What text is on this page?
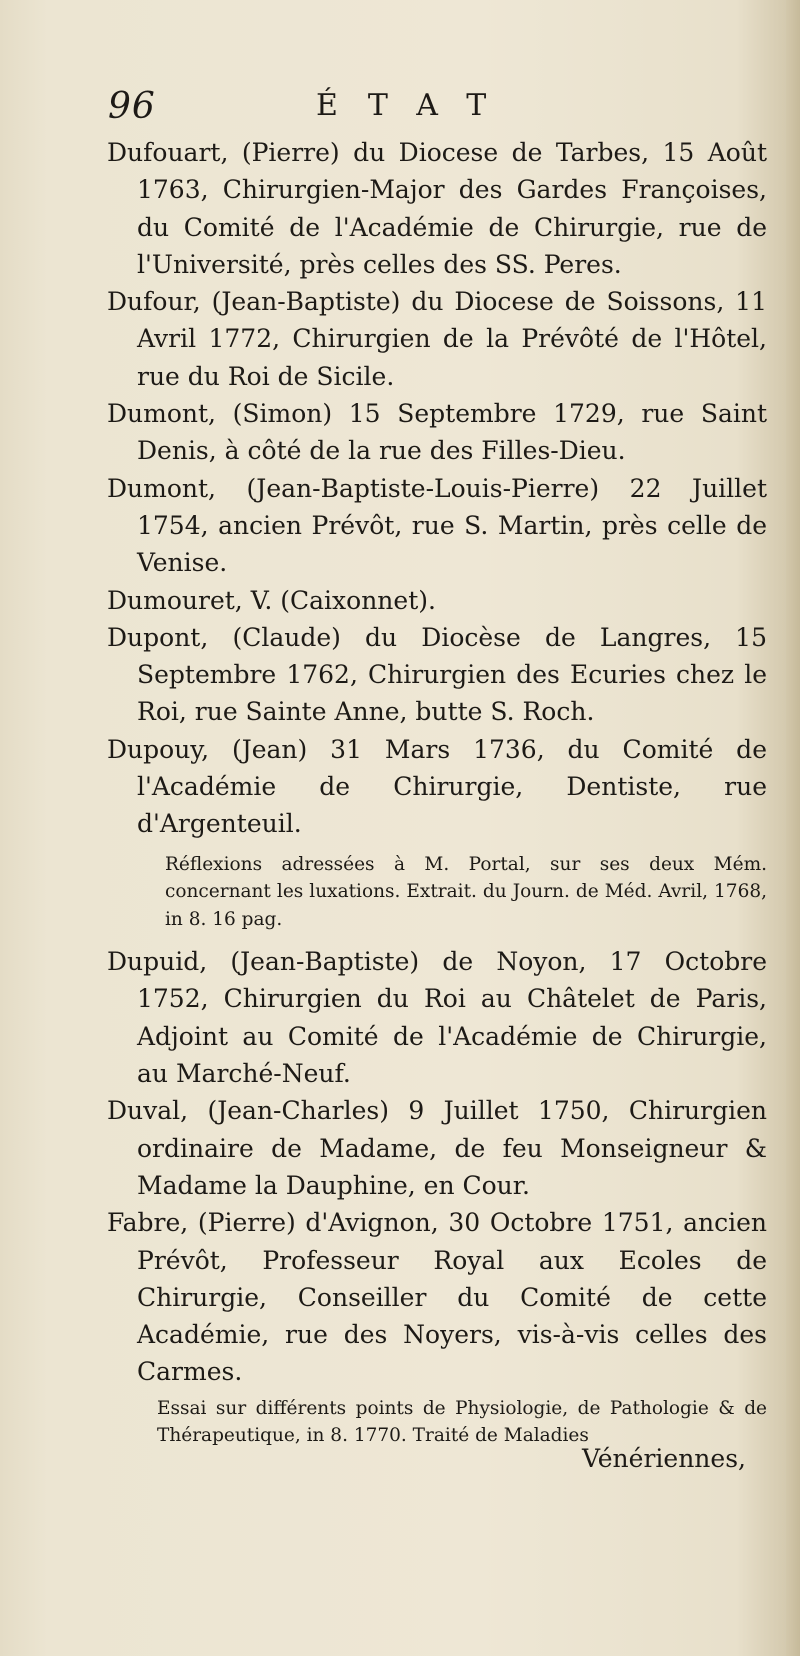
96	ÉTAT

Dufouart, (Pierre) du Diocese de Tarbes, 15 Août 1763, Chirurgien-Major des Gardes Françoises, du Comité de l'Académie de Chirurgie, rue de l'Université, près celles des SS. Peres.

Dufour, (Jean-Baptiste) du Diocese de Soissons, 11 Avril 1772, Chirurgien de la Prévôté de l'Hôtel, rue du Roi de Sicile.

Dumont, (Simon) 15 Septembre 1729, rue Saint Denis, à côté de la rue des Filles-Dieu.

Dumont, (Jean-Baptiste-Louis-Pierre) 22 Juillet 1754, ancien Prévôt, rue S. Martin, près celle de Venise.

Dumouret, V. (Caixonnet).

Dupont, (Claude) du Diocèse de Langres, 15 Septembre 1762, Chirurgien des Ecuries chez le Roi, rue Sainte Anne, butte S. Roch.

Dupouy, (Jean) 31 Mars 1736, du Comité de l'Académie de Chirurgie, Dentiste, rue d'Argenteuil.

Réflexions adressées à M. Portal, sur ses deux Mém. concernant les luxations. Extrait. du Journ. de Méd. Avril, 1768, in 8. 16 pag.

Dupuid, (Jean-Baptiste) de Noyon, 17 Octobre 1752, Chirurgien du Roi au Châtelet de Paris, Adjoint au Comité de l'Académie de Chirurgie, au Marché-Neuf.

Duval, (Jean-Charles) 9 Juillet 1750, Chirurgien ordinaire de Madame, de feu Monseigneur & Madame la Dauphine, en Cour.

Fabre, (Pierre) d'Avignon, 30 Octobre 1751, ancien Prévôt, Professeur Royal aux Ecoles de Chirurgie, Conseiller du Comité de cette Académie, rue des Noyers, vis-à-vis celles des Carmes.

Essai sur différents points de Physiologie, de Pathologie & de Thérapeutique, in 8. 1770. Traité de Maladies

Vénériennes,
